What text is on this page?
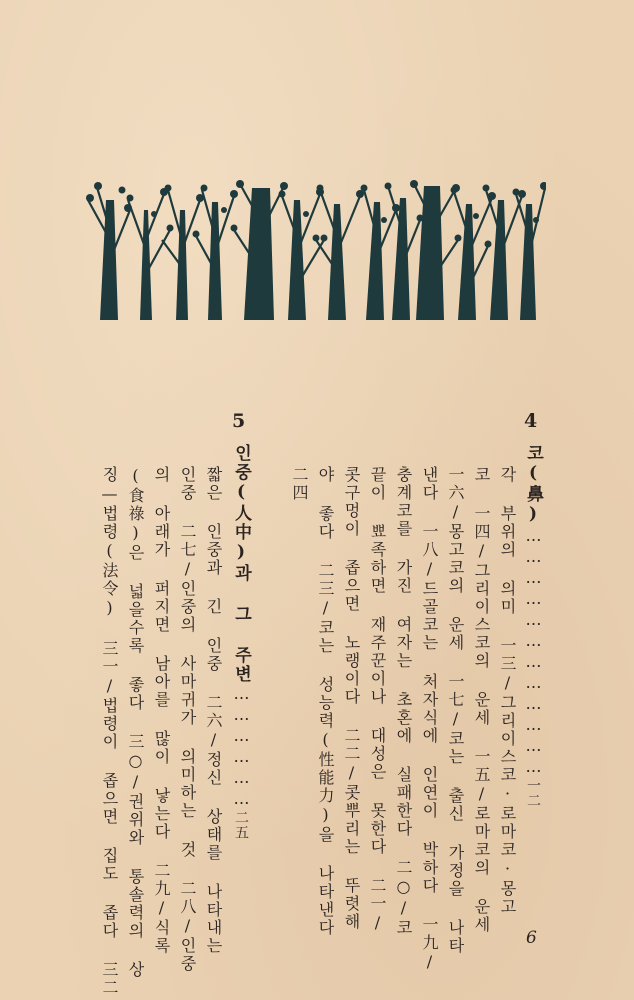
4
코(鼻)………………………………一二
각 부위의 의미 一三/그리이스코·로마코·몽고
코 一四/그리이스코의 운세 一五/로마코의 운세
一六/몽고코의 운세 一七/코는 출신 가정을 나타
낸다 一八/드골코는 처자식에 인연이 박하다 一九/
충계코를 가진 여자는 초혼에 실패한다 二○/코
끝이 뾰족하면 재주꾼이나 대성은 못한다 二一/
콧구멍이 좁으면 노랭이다 二二/콧뿌리는 뚜렷해
야 좋다 二三/코는 성능력(性能力)을 나타낸다
二四
5
인중(人中)과 그 주변………………二五
짧은 인중과 긴 인중 二六/정신 상태를 나타내는
인중 二七/인중의 사마귀가 의미하는 것 二八/인중
의 아래가 퍼지면 남아를 많이 낳는다 二九/식록
(食祿)은 넓을수록 좋다 三○/권위와 통솔력의 상
징—법령(法令) 三一/법령이 좁으면 집도 좁다 三二	6
